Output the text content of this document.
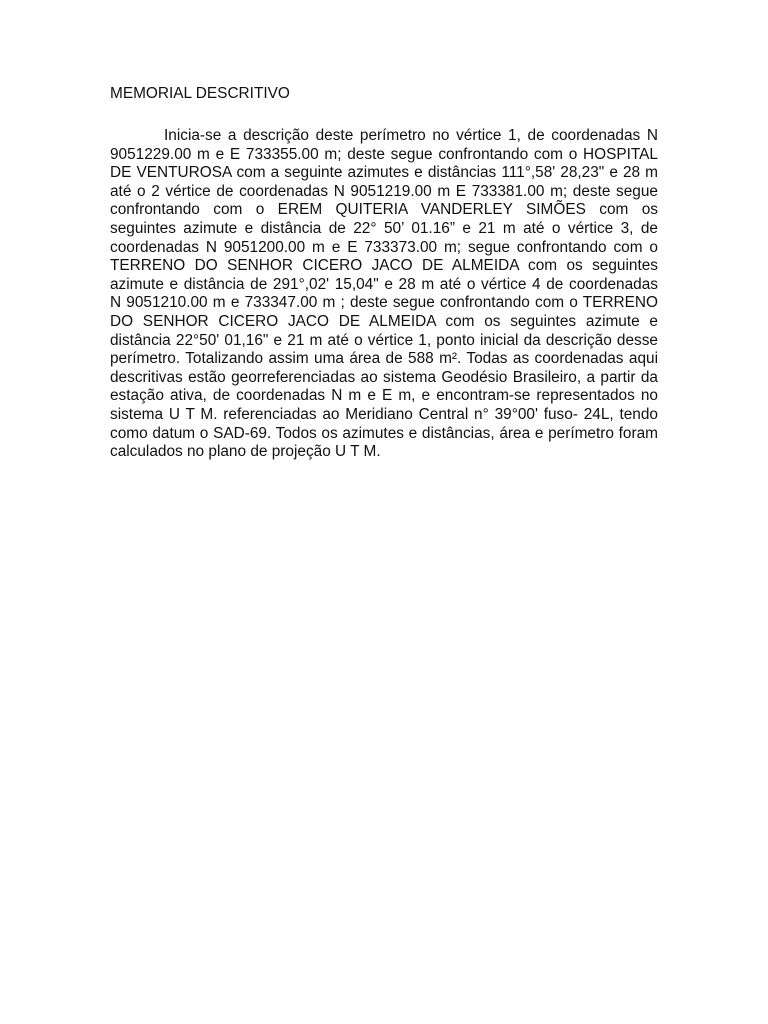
MEMORIAL DESCRITIVO
Inicia-se a descrição deste perímetro no vértice 1, de coordenadas N
9051229.00 m e E 733355.00 m; deste segue confrontando com o HOSPITAL
DE VENTUROSA com a seguinte azimutes e distâncias 111°,58' 28,23" e 28 m
até o 2 vértice de coordenadas N 9051219.00 m E 733381.00 m; deste segue
confrontando com o EREM QUITERIA VANDERLEY SIMÕES com os
seguintes azimute e distância de 22° 50’ 01.16” e 21 m até o vértice 3, de
coordenadas N 9051200.00 m e E 733373.00 m; segue confrontando com o
TERRENO DO SENHOR CICERO JACO DE ALMEIDA com os seguintes
azimute e distância de 291°,02' 15,04" e 28 m até o vértice 4 de coordenadas
N 9051210.00 m e 733347.00 m ; deste segue confrontando com o TERRENO
DO SENHOR CICERO JACO DE ALMEIDA com os seguintes azimute e
distância 22°50' 01,16" e 21 m até o vértice 1, ponto inicial da descrição desse
perímetro. Totalizando assim uma área de 588 m². Todas as coordenadas aqui
descritivas estão georreferenciadas ao sistema Geodésio Brasileiro, a partir da
estação ativa, de coordenadas N m e E m, e encontram-se representados no
sistema U T M. referenciadas ao Meridiano Central n° 39°00' fuso- 24L, tendo
como datum o SAD-69. Todos os azimutes e distâncias, área e perímetro foram
calculados no plano de projeção U T M.
